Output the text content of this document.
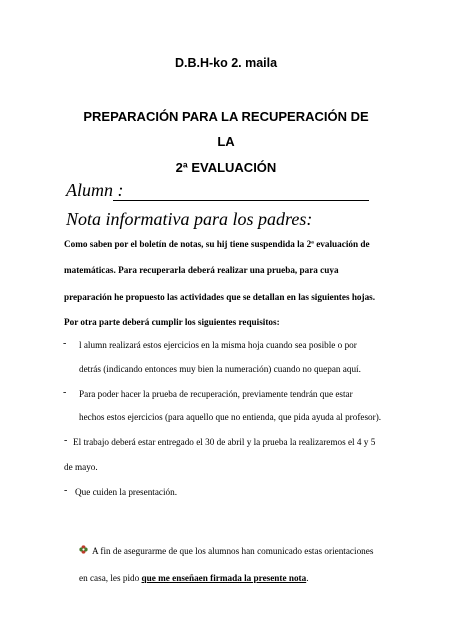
D.B.H-ko 2. maila
PREPARACIÓN PARA LA RECUPERACIÓN DE
LA
2ª EVALUACIÓN
Alumn :
Nota informativa para los padres:
Como saben por el boletín de notas, su hij tiene suspendida la 2ª evaluación de
matemáticas. Para recuperarla deberá realizar una prueba, para cuya
preparación he propuesto las actividades que se detallan en las siguientes hojas.
Por otra parte deberá cumplir los siguientes requisitos:
- l alumn realizará estos ejercicios en la misma hoja cuando sea posible o por
detrás (indicando entonces muy bien la numeración) cuando no quepan aquí.
- Para poder hacer la prueba de recuperación, previamente tendrán que estar
hechos estos ejercicios (para aquello que no entienda, que pida ayuda al profesor).
- El trabajo deberá estar entregado el 30 de abril y la prueba la realizaremos el 4 y 5
de mayo.
- Que cuiden la presentación.
A fin de asegurarme de que los alumnos han comunicado estas orientaciones
en casa, les pido que me enseñaen firmada la presente nota.
